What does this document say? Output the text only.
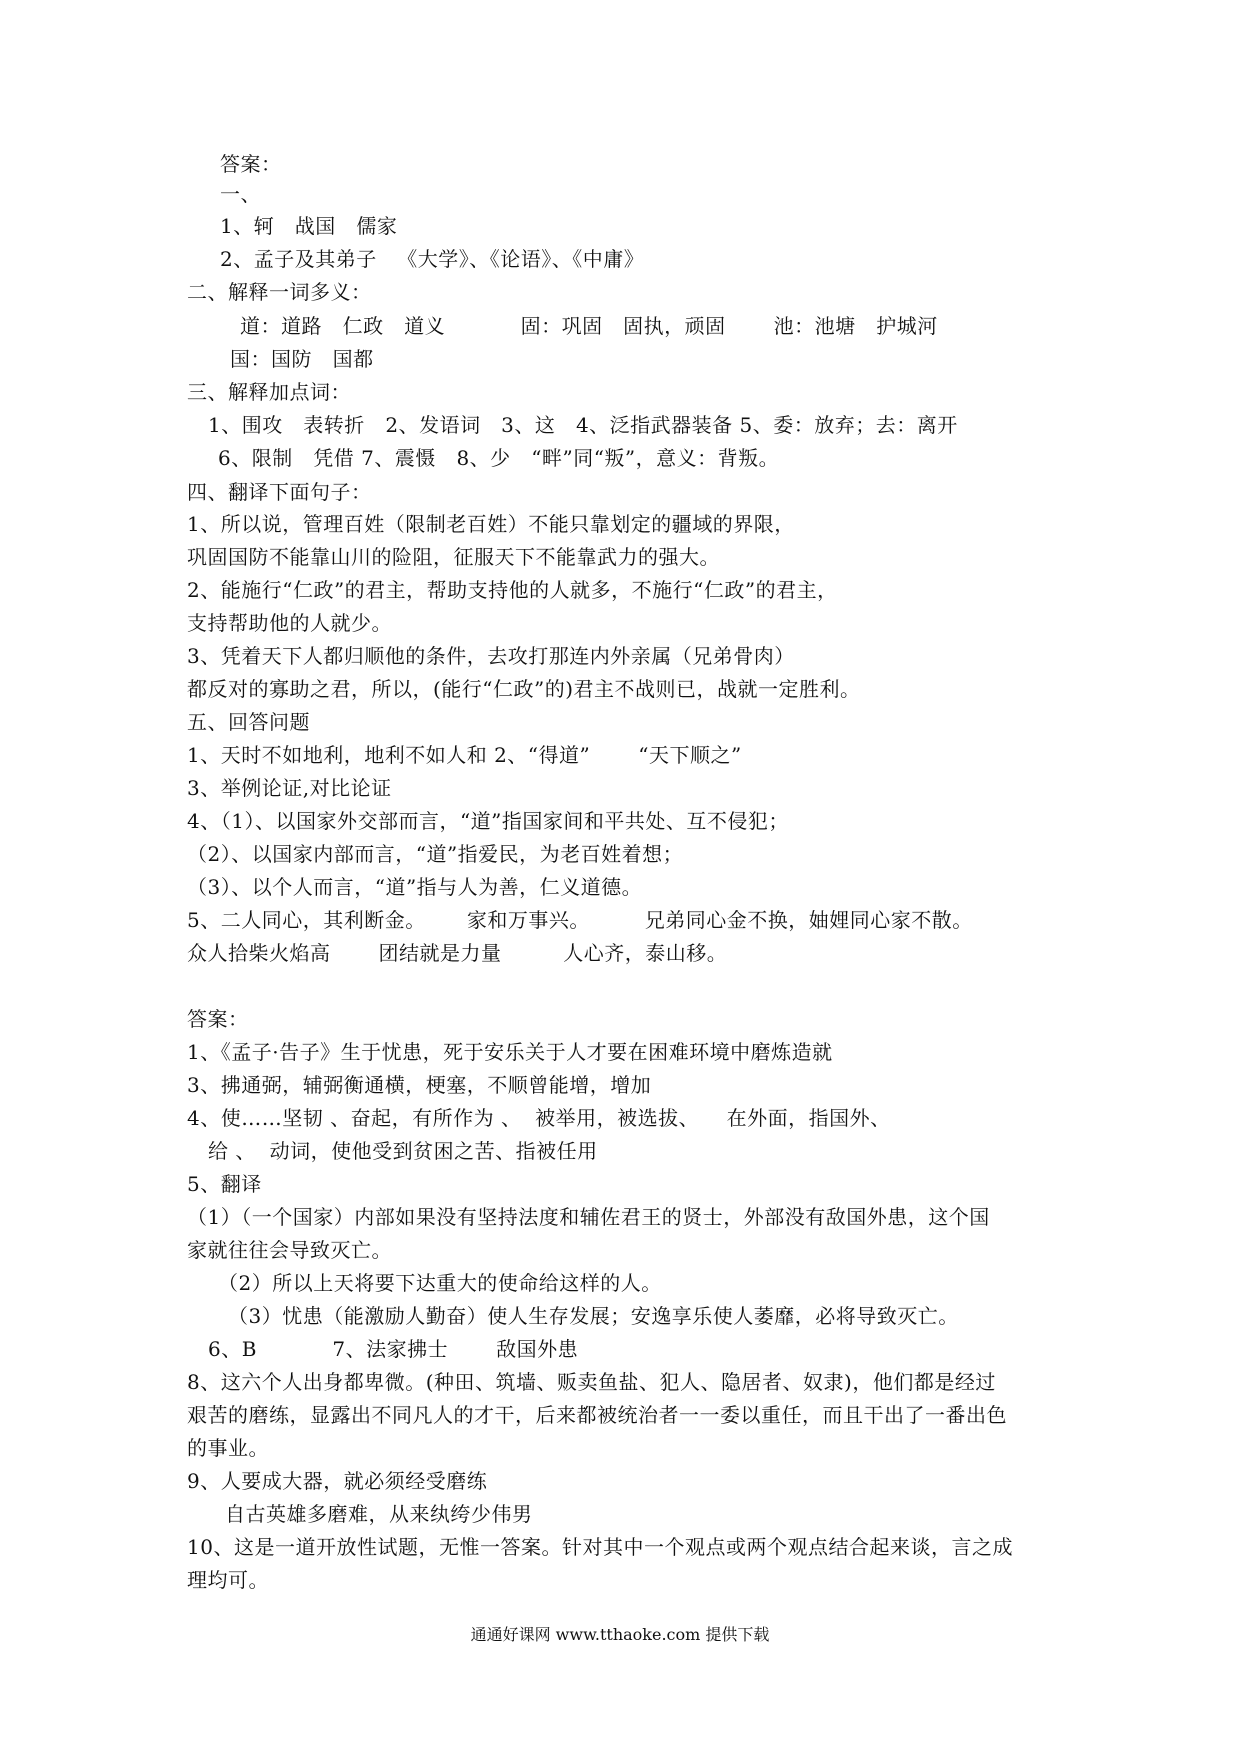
答案：
一、
1、轲   战国   儒家
2、孟子及其弟子   《大学》、《论语》、《中庸》
二、解释一词多义：
道：道路   仁政   道义           固：巩固   固执，顽固       池：池塘   护城河
国：国防   国都
三、解释加点词：
1、围攻   表转折   2、发语词   3、这   4、泛指武器装备 5、委：放弃；去：离开
6、限制   凭借 7、震慑   8、少   “畔”同“叛”，意义：背叛。
四、翻译下面句子：
1、所以说，管理百姓（限制老百姓）不能只靠划定的疆域的界限，
巩固国防不能靠山川的险阻，征服天下不能靠武力的强大。
2、能施行“仁政”的君主，帮助支持他的人就多，不施行“仁政”的君主，
支持帮助他的人就少。
3、凭着天下人都归顺他的条件，去攻打那连内外亲属（兄弟骨肉）
都反对的寡助之君，所以，(能行“仁政”的)君主不战则已，战就一定胜利。
五、回答问题
1、天时不如地利，地利不如人和 2、“得道”       “天下顺之”
3、举例论证,对比论证
4、（1）、以国家外交部而言，“道”指国家间和平共处、互不侵犯；
（2）、以国家内部而言，“道”指爱民，为老百姓着想；
（3）、以个人而言，“道”指与人为善，仁义道德。
5、二人同心，其利断金。      家和万事兴。        兄弟同心金不换，妯娌同心家不散。
众人拾柴火焰高       团结就是力量         人心齐，泰山移。
答案：
1、《孟子·告子》生于忧患，死于安乐关于人才要在困难环境中磨炼造就
3、拂通弼，辅弼衡通横，梗塞，不顺曾能增，增加
4、使……坚韧 、奋起，有所作为 、  被举用，被选拔、    在外面，指国外、
给 、  动词，使他受到贫困之苦、指被任用
5、翻译
（1）（一个国家）内部如果没有坚持法度和辅佐君王的贤士，外部没有敌国外患，这个国
家就往往会导致灭亡。
（2）所以上天将要下达重大的使命给这样的人。
（3）忧患（能激励人勤奋）使人生存发展；安逸享乐使人萎靡，必将导致灭亡。
6、B           7、法家拂士       敌国外患
8、这六个人出身都卑微。(种田、筑墙、贩卖鱼盐、犯人、隐居者、奴隶)，他们都是经过
艰苦的磨练，显露出不同凡人的才干，后来都被统治者一一委以重任，而且干出了一番出色
的事业。
9、人要成大器，就必须经受磨练
自古英雄多磨难，从来纨绔少伟男
10、这是一道开放性试题，无惟一答案。针对其中一个观点或两个观点结合起来谈，言之成
理均可。
通通好课网 www.tthaoke.com 提供下载
